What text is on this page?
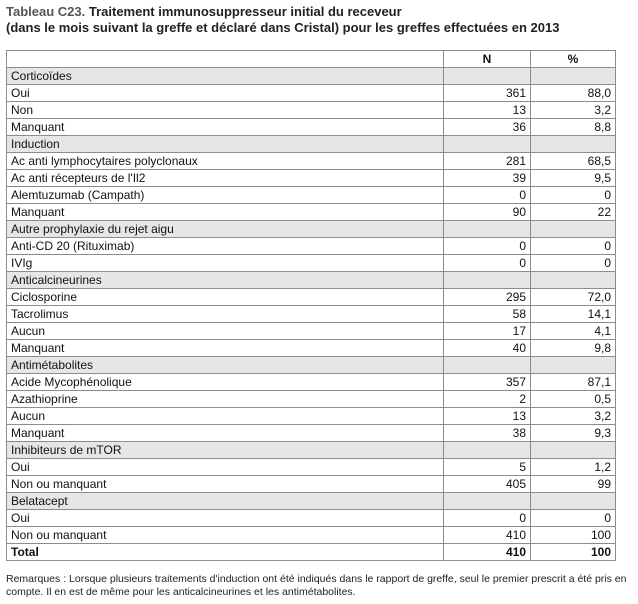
Tableau C23. Traitement immunosuppresseur initial du receveur
(dans le mois suivant la greffe et déclaré dans Cristal) pour les greffes effectuées en 2013
	N	%
Corticoïdes		
Oui	361	88,0
Non	13	3,2
Manquant	36	8,8
Induction		
Ac anti lymphocytaires polyclonaux	281	68,5
Ac anti récepteurs de l'Il2	39	9,5
Alemtuzumab (Campath)	0	0
Manquant	90	22
Autre prophylaxie du rejet aigu		
Anti-CD 20 (Rituximab)	0	0
IVIg	0	0
Anticalcineurines		
Ciclosporine	295	72,0
Tacrolimus	58	14,1
Aucun	17	4,1
Manquant	40	9,8
Antimétabolites		
Acide Mycophénolique	357	87,1
Azathioprine	2	0,5
Aucun	13	3,2
Manquant	38	9,3
Inhibiteurs de mTOR		
Oui	5	1,2
Non ou manquant	405	99
Belatacept		
Oui	0	0
Non ou manquant	410	100
Total	410	100
Remarques : Lorsque plusieurs traitements d'induction ont été indiqués dans le rapport de greffe, seul le premier prescrit a été pris en compte. Il en est de même pour les anticalcineurines et les antimétabolites.
